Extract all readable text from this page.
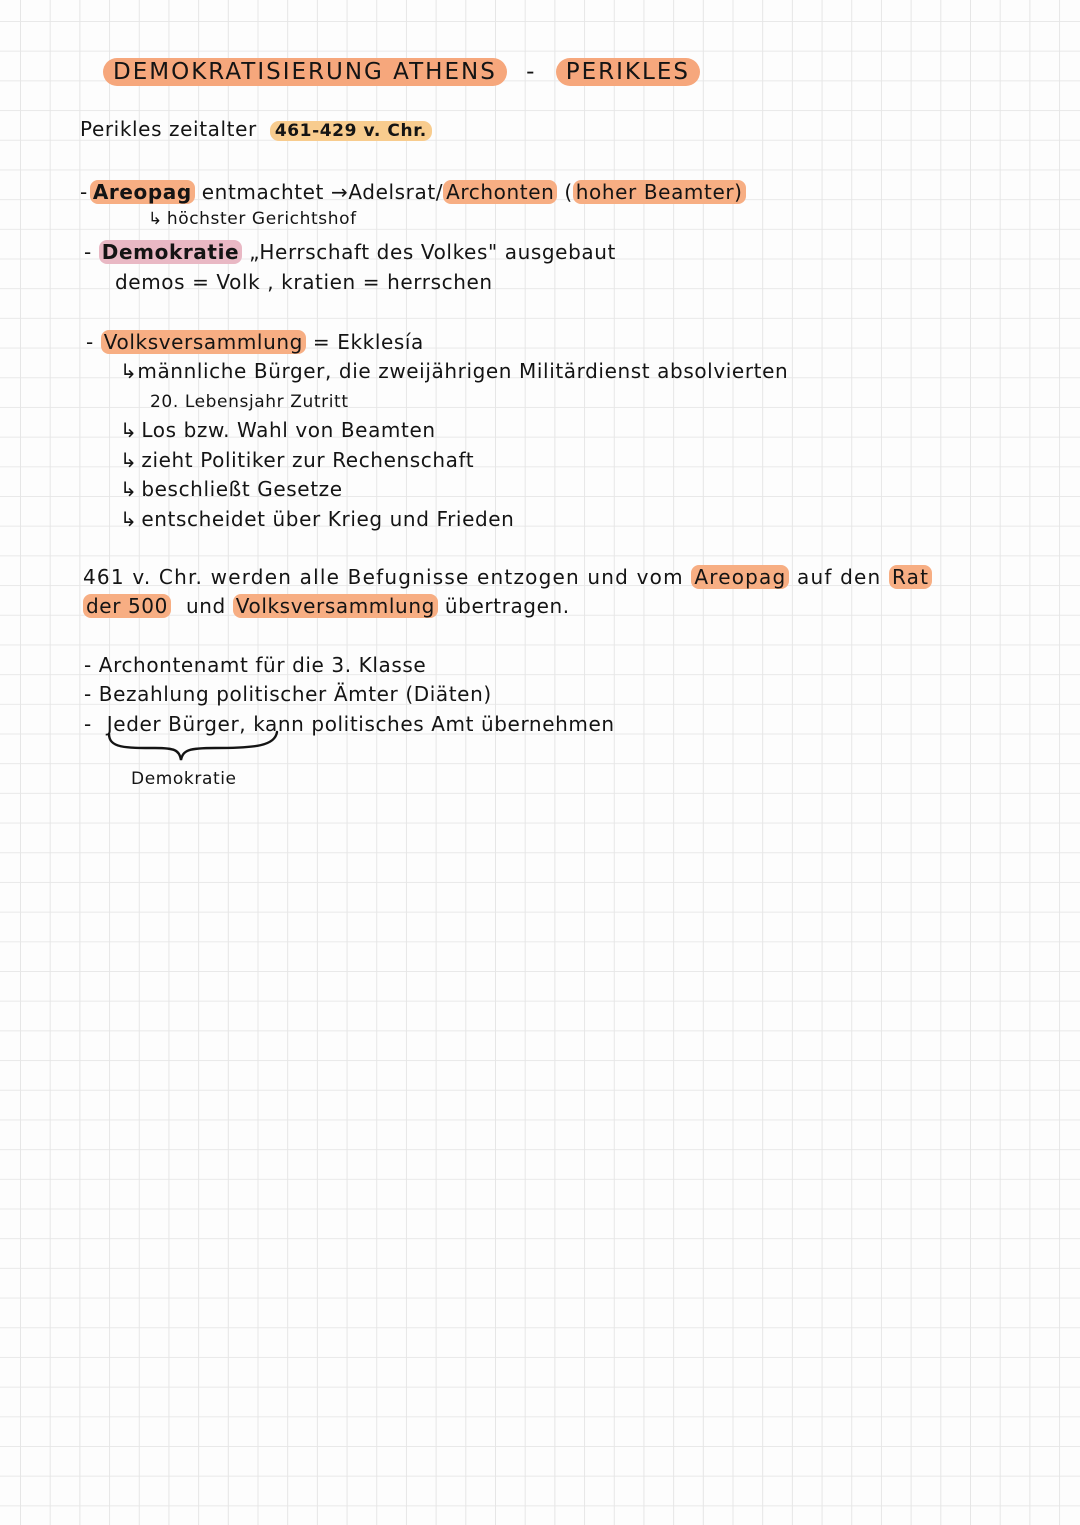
DEMOKRATISIERUNG ATHENS - PERIKLES
Perikles zeitalter 461-429 v. Chr.
- Areopag entmachtet →Adelsrat/ Archonten ( hoher Beamter)
↳ höchster Gerichtshof
- Demokratie „Herrschaft des Volkes" ausgebaut
demos = Volk , kratien = herrschen
- Volksversammlung = Ekklesía
↳männliche Bürger, die zweijährigen Militärdienst absolvierten
20. Lebensjahr Zutritt
↳ Los bzw. Wahl von Beamten
↳ zieht Politiker zur Rechenschaft
↳ beschließt Gesetze
↳ entscheidet über Krieg und Frieden
461 v. Chr. werden alle Befugnisse entzogen und vom Areopag auf den Rat
der 500 und Volksversammlung übertragen.
- Archontenamt für die 3. Klasse
- Bezahlung politischer Ämter (Diäten)
- Jeder Bürger, kann politisches Amt übernehmen
Demokratie
